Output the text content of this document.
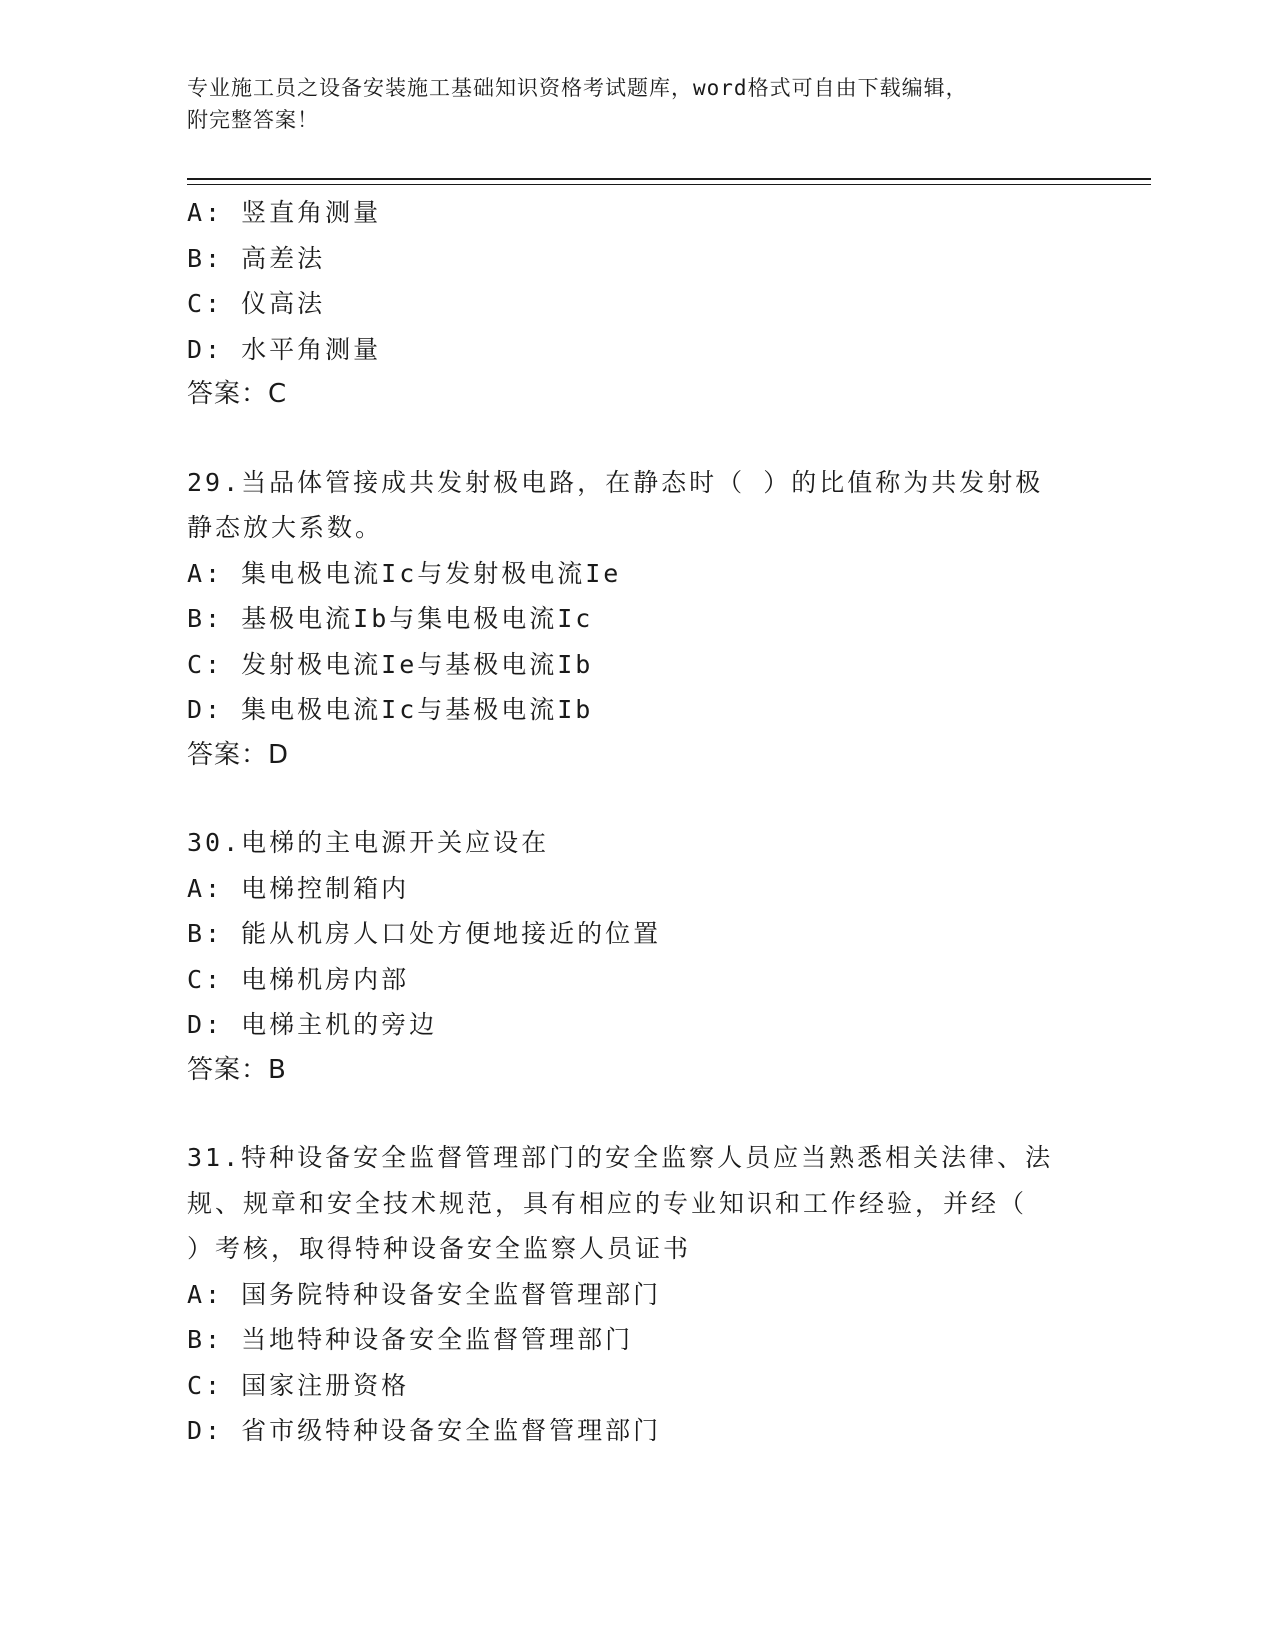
专业施工员之设备安装施工基础知识资格考试题库，word格式可自由下载编辑，
附完整答案！
A: 竖直角测量
B: 高差法
C: 仪高法
D: 水平角测量
答案：C
29.当品体管接成共发射极电路，在静态时（ ）的比值称为共发射极
静态放大系数。
A: 集电极电流Ic与发射极电流Ie
B: 基极电流Ib与集电极电流Ic
C: 发射极电流Ie与基极电流Ib
D: 集电极电流Ic与基极电流Ib
答案：D
30.电梯的主电源开关应设在
A: 电梯控制箱内
B: 能从机房人口处方便地接近的位置
C: 电梯机房内部
D: 电梯主机的旁边
答案：B
31.特种设备安全监督管理部门的安全监察人员应当熟悉相关法律、法
规、规章和安全技术规范，具有相应的专业知识和工作经验，并经（
）考核，取得特种设备安全监察人员证书
A: 国务院特种设备安全监督管理部门
B: 当地特种设备安全监督管理部门
C: 国家注册资格
D: 省市级特种设备安全监督管理部门
